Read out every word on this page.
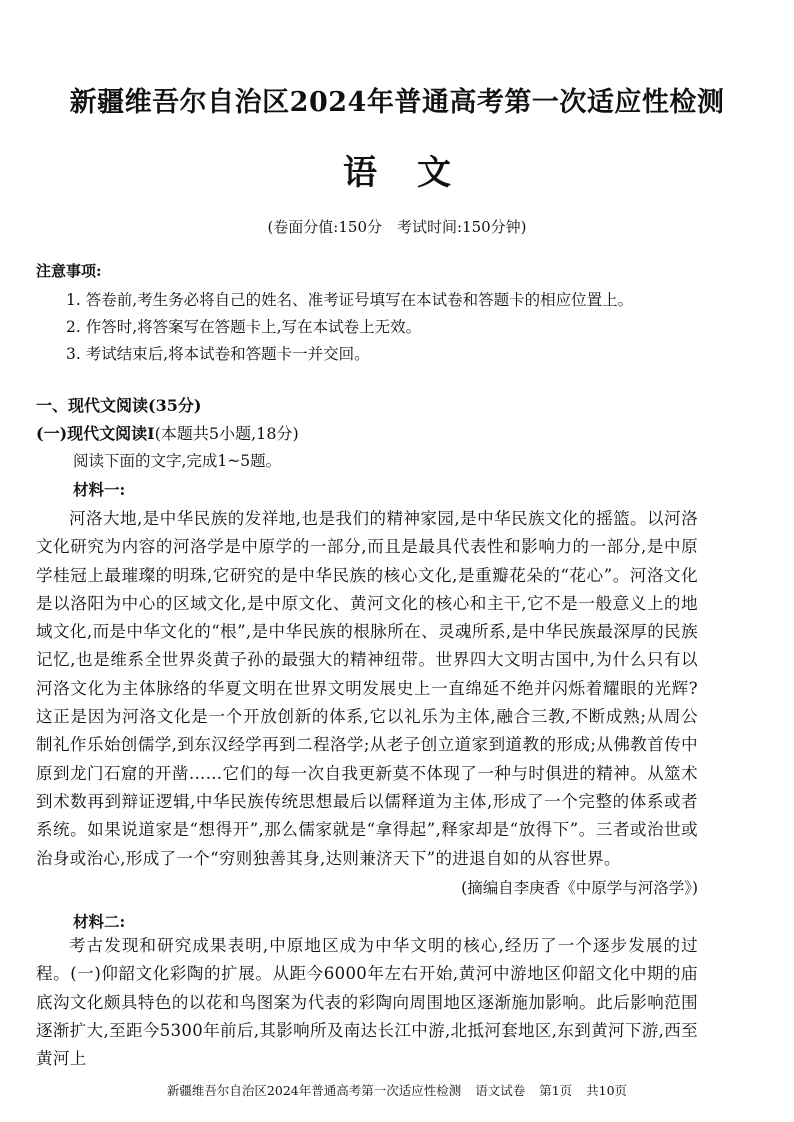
新疆维吾尔自治区2024年普通高考第一次适应性检测
语文
(卷面分值:150分　考试时间:150分钟)
注意事项:
1. 答卷前,考生务必将自己的姓名、准考证号填写在本试卷和答题卡的相应位置上。
2. 作答时,将答案写在答题卡上,写在本试卷上无效。
3. 考试结束后,将本试卷和答题卡一并交回。
一、现代文阅读(35分)
(一)现代文阅读Ⅰ(本题共5小题,18分)
阅读下面的文字,完成1~5题。
材料一:

河洛大地,是中华民族的发祥地,也是我们的精神家园,是中华民族文化的摇篮。以河洛文化研究为内容的河洛学是中原学的一部分,而且是最具代表性和影响力的一部分,是中原学桂冠上最璀璨的明珠,它研究的是中华民族的核心文化,是重瓣花朵的“花心”。河洛文化是以洛阳为中心的区域文化,是中原文化、黄河文化的核心和主干,它不是一般意义上的地域文化,而是中华文化的“根”,是中华民族的根脉所在、灵魂所系,是中华民族最深厚的民族记忆,也是维系全世界炎黄子孙的最强大的精神纽带。世界四大文明古国中,为什么只有以河洛文化为主体脉络的华夏文明在世界文明发展史上一直绵延不绝并闪烁着耀眼的光辉?这正是因为河洛文化是一个开放创新的体系,它以礼乐为主体,融合三教,不断成熟;从周公制礼作乐始创儒学,到东汉经学再到二程洛学;从老子创立道家到道教的形成;从佛教首传中原到龙门石窟的开凿……它们的每一次自我更新莫不体现了一种与时俱进的精神。从筮术到术数再到辩证逻辑,中华民族传统思想最后以儒释道为主体,形成了一个完整的体系或者系统。如果说道家是“想得开”,那么儒家就是“拿得起”,释家却是“放得下”。三者或治世或治身或治心,形成了一个“穷则独善其身,达则兼济天下”的进退自如的从容世界。

(摘编自李庚香《中原学与河洛学》)
材料二:

考古发现和研究成果表明,中原地区成为中华文明的核心,经历了一个逐步发展的过程。(一)仰韶文化彩陶的扩展。从距今6000年左右开始,黄河中游地区仰韶文化中期的庙底沟文化颇具特色的以花和鸟图案为代表的彩陶向周围地区逐渐施加影响。此后影响范围逐渐扩大,至距今5300年前后,其影响所及南达长江中游,北抵河套地区,东到黄河下游,西至黄河上

新疆维吾尔自治区2024年普通高考第一次适应性检测 语文试卷 第1页 共10页
